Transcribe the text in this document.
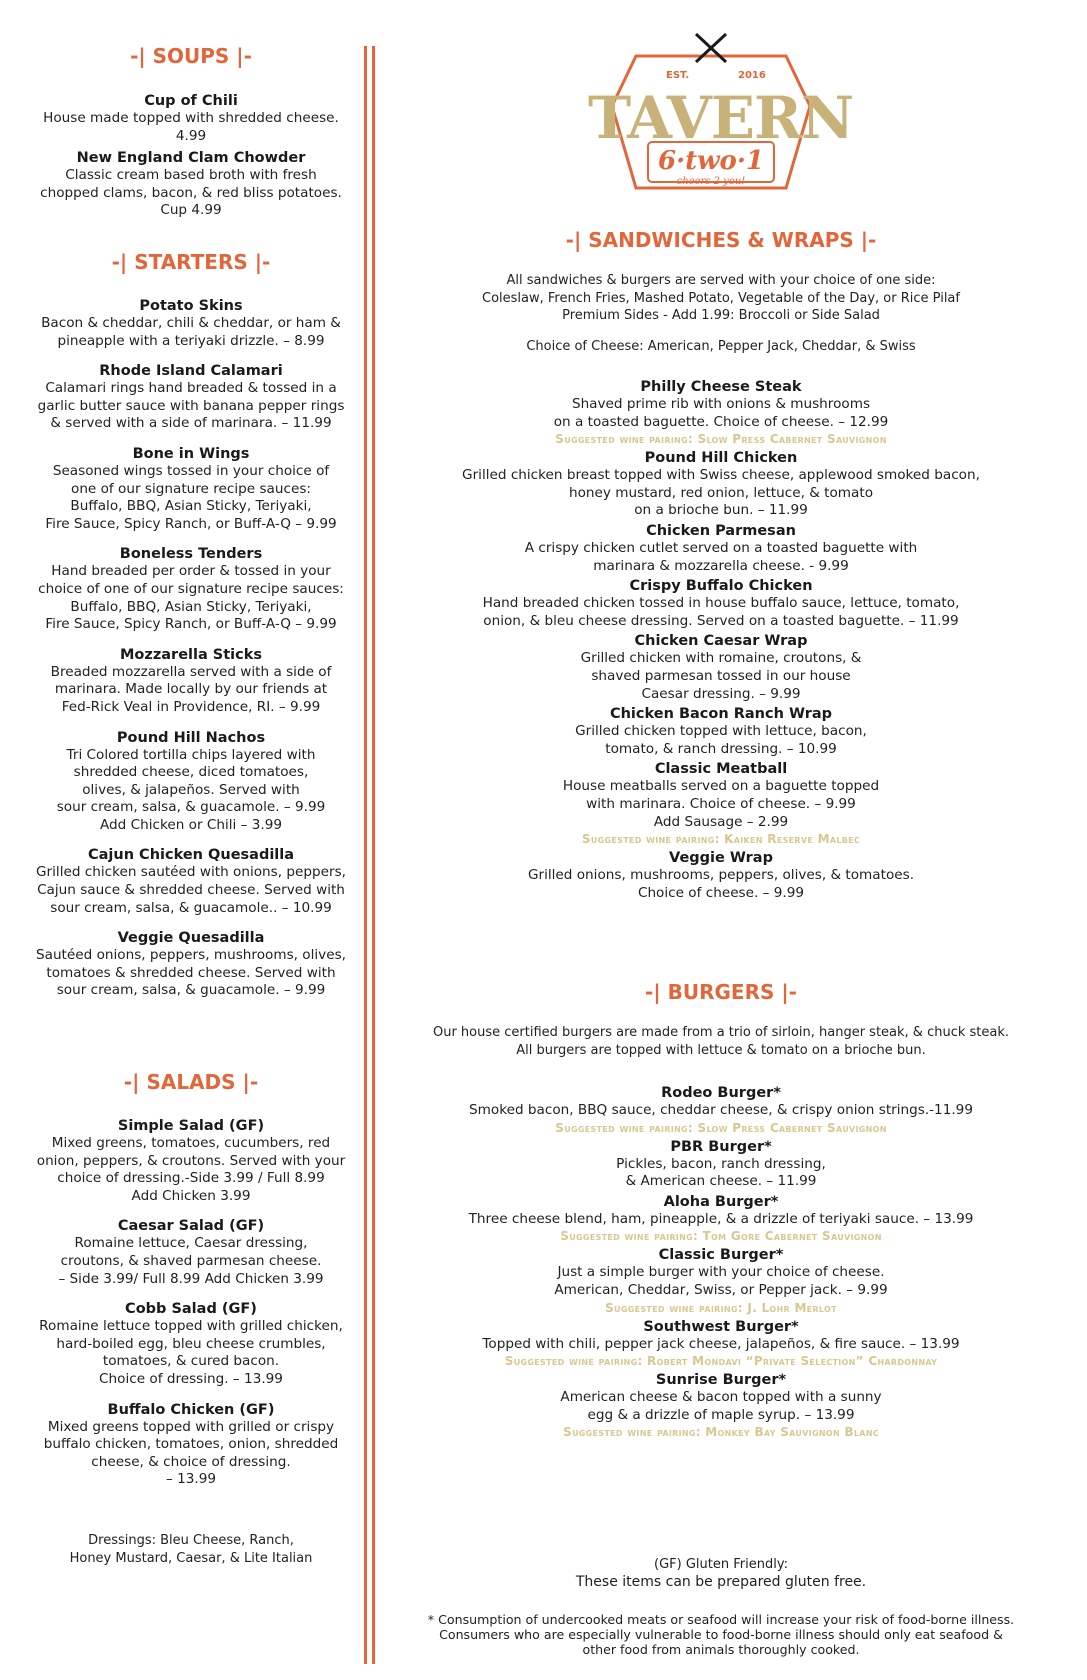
-| SOUPS |-
Cup of Chili
House made topped with shredded cheese.
4.99
New England Clam Chowder
Classic cream based broth with fresh
chopped clams, bacon, & red bliss potatoes.
Cup 4.99
-| STARTERS |-
Potato Skins
Bacon & cheddar, chili & cheddar, or ham &
pineapple with a teriyaki drizzle. – 8.99
Rhode Island Calamari
Calamari rings hand breaded & tossed in a
garlic butter sauce with banana pepper rings
& served with a side of marinara. – 11.99
Bone in Wings
Seasoned wings tossed in your choice of
one of our signature recipe sauces:
Buffalo, BBQ, Asian Sticky, Teriyaki,
Fire Sauce, Spicy Ranch, or Buff-A-Q – 9.99
Boneless Tenders
Hand breaded per order & tossed in your
choice of one of our signature recipe sauces:
Buffalo, BBQ, Asian Sticky, Teriyaki,
Fire Sauce, Spicy Ranch, or Buff-A-Q – 9.99
Mozzarella Sticks
Breaded mozzarella served with a side of
marinara. Made locally by our friends at
Fed-Rick Veal in Providence, RI. – 9.99
Pound Hill Nachos
Tri Colored tortilla chips layered with
shredded cheese, diced tomatoes,
olives, & jalapeños. Served with
sour cream, salsa, & guacamole. – 9.99
Add Chicken or Chili – 3.99
Cajun Chicken Quesadilla
Grilled chicken sautéed with onions, peppers,
Cajun sauce & shredded cheese. Served with
sour cream, salsa, & guacamole.. – 10.99
Veggie Quesadilla
Sautéed onions, peppers, mushrooms, olives,
tomatoes & shredded cheese. Served with
sour cream, salsa, & guacamole. – 9.99
-| SALADS |-
Simple Salad (GF)
Mixed greens, tomatoes, cucumbers, red
onion, peppers, & croutons. Served with your
choice of dressing.-Side 3.99 / Full 8.99
Add Chicken 3.99
Caesar Salad (GF)
Romaine lettuce, Caesar dressing,
croutons, & shaved parmesan cheese.
– Side 3.99/ Full 8.99 Add Chicken 3.99
Cobb Salad (GF)
Romaine lettuce topped with grilled chicken,
hard-boiled egg, bleu cheese crumbles,
tomatoes, & cured bacon.
Choice of dressing. – 13.99
Buffalo Chicken (GF)
Mixed greens topped with grilled or crispy
buffalo chicken, tomatoes, onion, shredded
cheese, & choice of dressing.
– 13.99
Dressings: Bleu Cheese, Ranch,
Honey Mustard, Caesar, & Lite Italian
EST.	2016
TAVERN
6·two·1
cheers 2 you!
-| SANDWICHES & WRAPS |-
All sandwiches & burgers are served with your choice of one side:
Coleslaw, French Fries, Mashed Potato, Vegetable of the Day, or Rice Pilaf
Premium Sides - Add 1.99: Broccoli or Side Salad
Choice of Cheese: American, Pepper Jack, Cheddar, & Swiss
Philly Cheese Steak
Shaved prime rib with onions & mushrooms
on a toasted baguette. Choice of cheese. – 12.99
Suggested wine pairing: Slow Press Cabernet Sauvignon
Pound Hill Chicken
Grilled chicken breast topped with Swiss cheese, applewood smoked bacon,
honey mustard, red onion, lettuce, & tomato
on a brioche bun. – 11.99
Chicken Parmesan
A crispy chicken cutlet served on a toasted baguette with
marinara & mozzarella cheese. - 9.99
Crispy Buffalo Chicken
Hand breaded chicken tossed in house buffalo sauce, lettuce, tomato,
onion, & bleu cheese dressing. Served on a toasted baguette. – 11.99
Chicken Caesar Wrap
Grilled chicken with romaine, croutons, &
shaved parmesan tossed in our house
Caesar dressing. – 9.99
Chicken Bacon Ranch Wrap
Grilled chicken topped with lettuce, bacon,
tomato, & ranch dressing. – 10.99
Classic Meatball
House meatballs served on a baguette topped
with marinara. Choice of cheese. – 9.99
Add Sausage – 2.99
Suggested wine pairing: Kaiken Reserve Malbec
Veggie Wrap
Grilled onions, mushrooms, peppers, olives, & tomatoes.
Choice of cheese. – 9.99
-| BURGERS |-
Our house certified burgers are made from a trio of sirloin, hanger steak, & chuck steak.
All burgers are topped with lettuce & tomato on a brioche bun.
Rodeo Burger*
Smoked bacon, BBQ sauce, cheddar cheese, & crispy onion strings.-11.99
Suggested wine pairing: Slow Press Cabernet Sauvignon
PBR Burger*
Pickles, bacon, ranch dressing,
& American cheese. – 11.99
Aloha Burger*
Three cheese blend, ham, pineapple, & a drizzle of teriyaki sauce. – 13.99
Suggested wine pairing: Tom Gore Cabernet Sauvignon
Classic Burger*
Just a simple burger with your choice of cheese.
American, Cheddar, Swiss, or Pepper jack. – 9.99
Suggested wine pairing: J. Lohr Merlot
Southwest Burger*
Topped with chili, pepper jack cheese, jalapeños, & fire sauce. – 13.99
Suggested wine pairing: Robert Mondavi “Private Selection” Chardonnay
Sunrise Burger*
American cheese & bacon topped with a sunny
egg & a drizzle of maple syrup. – 13.99
Suggested wine pairing: Monkey Bay Sauvignon Blanc
(GF) Gluten Friendly:
These items can be prepared gluten free.
* Consumption of undercooked meats or seafood will increase your risk of food-borne illness.
Consumers who are especially vulnerable to food-borne illness should only eat seafood &
other food from animals thoroughly cooked.
